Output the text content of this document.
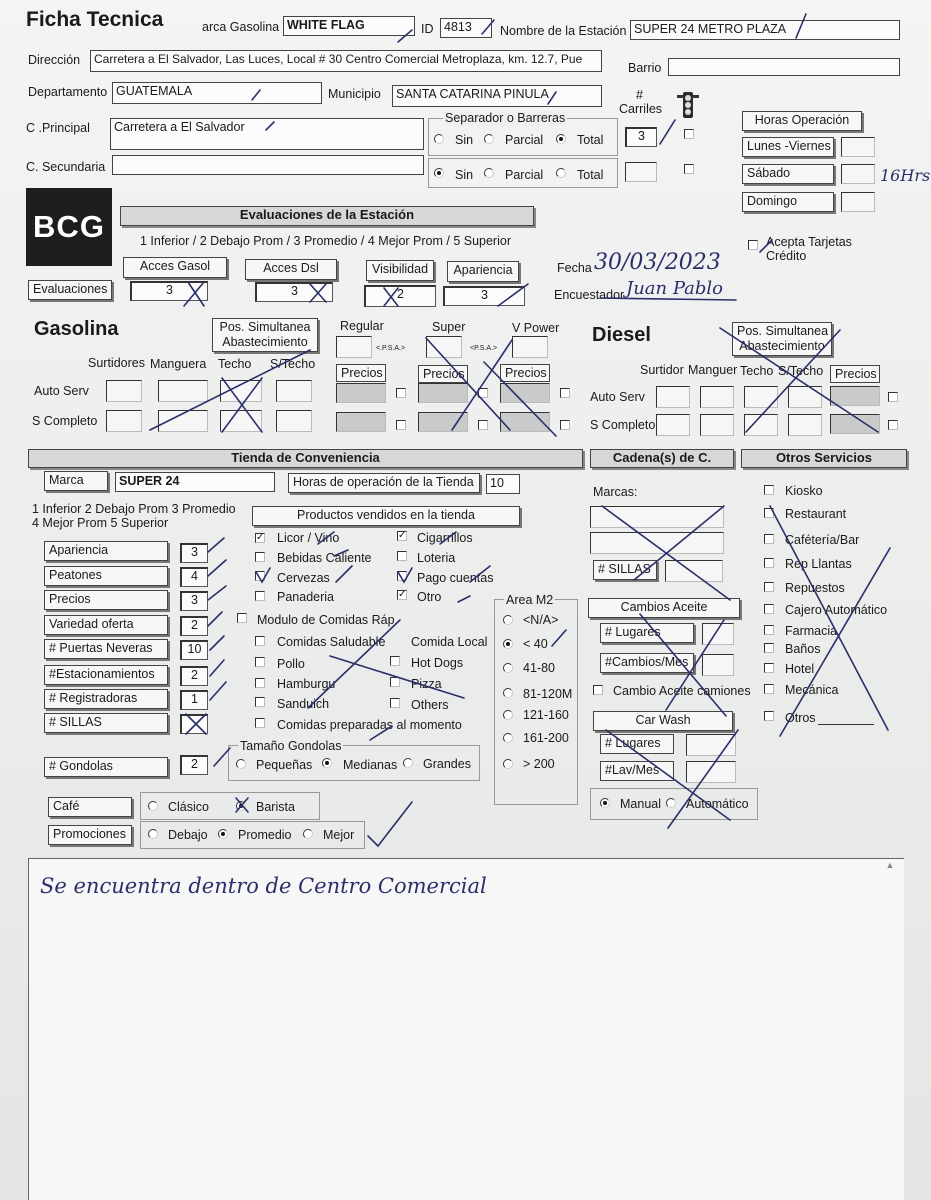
Ficha Tecnica	arca Gasolina WHITE FLAG	ID 4813	Nombre de la Estación SUPER 24 METRO PLAZA
Dirección	Carretera a El Salvador, Las Luces, Local # 30 Centro Comercial Metroplaza, km. 12.7, Pue
Barrio
Departamento GUATEMALA	Municipio	SANTA CATARINA PINULA
C .Principal	Carretera a El Salvador
C. Secundaria
Separador o Barreras
Sin	Parcial	Total
Sin	Parcial	Total
#
Carriles
3
Horas Operación
Lunes -Viernes
Sábado
Domingo
16Hrs
BCG	Evaluaciones de la Estación
1 Inferior / 2 Debajo Prom / 3 Promedio / 4 Mejor Prom / 5 Superior	Acepta Tarjetas
Crédito
Acces Gasol	Acces Dsl	Visibilidad	Apariencia	Fecha 30/03/2023
Evaluaciones	3	3	2	3	Encuestador Juan Pablo
Gasolina	Pos. Simultanea
Abastecimiento
Regular	Super	V Power
<.P.S.A.>	<P.S.A.>
Diesel	Pos. Simultanea
Abastecimiento
Surtidores Manguera Techo S/Techo
Precios	Precios	Precios
Auto Serv
S Completo
Surtidor Manguer Techo S/Techo Precios
Auto Serv
S Completo
Tienda de Conveniencia	Cadena(s) de C.	Otros Servicios
Marca	SUPER 24	Horas de operación de la Tienda	10
1 Inferior 2 Debajo Prom 3 Promedio
4 Mejor Prom 5 Superior
Apariencia	3
Peatones	4
Precios	3
Variedad oferta	2
# Puertas Neveras	10
#Estacionamientos	2
# Registradoras	1
# SILLAS
# Gondolas	2
Productos vendidos en la tienda
✓ Licor / Vino	✓ Cigarrillos
Bebidas Caliente	Loteria
Cervezas	Pago cuentas
Panaderia	✓ Otro
Modulo de Comidas Ráp.
Comidas Saludable Comida Local
Pollo	Hot Dogs
Hamburgu	Pizza
Sanduich	Others
Comidas preparadas al momento
Tamaño Gondolas
Pequeñas Medianas Grandes
Café	Clásico	Barista
Promociones	Debajo Promedio	Mejor
Area M2
<N/A>
< 40
41-80
81-120M
121-160
161-200
> 200
Marcas:
# SILLAS
Cambios Aceite
# Lugares
#Cambios/Mes
Cambio Aceite camiones
Car Wash
# Lugares
#Lav/Mes
Manual Automático
Kiosko
Restaurant
Cafétería/Bar
Rep Llantas
Repuestos
Cajero Automático
Farmacia
Baños
Hotel
Mecánica
Otros
▲
Se encuentra dentro de Centro Comercial
